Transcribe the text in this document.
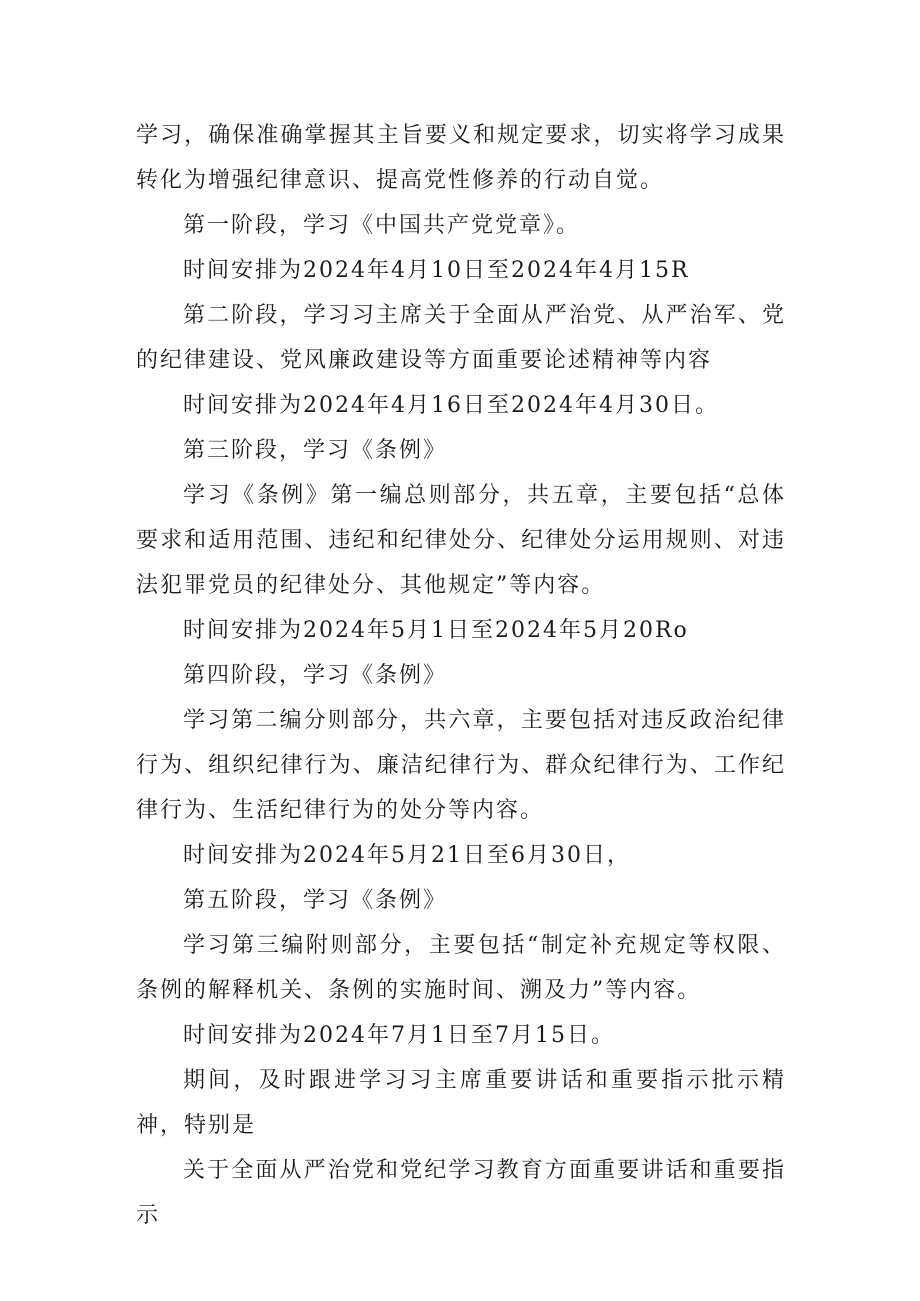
学习，确保准确掌握其主旨要义和规定要求，切实将学习成果转化为增强纪律意识、提高党性修养的行动自觉。

第一阶段，学习《中国共产党党章》。

时间安排为2024年4月10日至2024年4月15R

第二阶段，学习习主席关于全面从严治党、从严治军、党的纪律建设、党风廉政建设等方面重要论述精神等内容

时间安排为2024年4月16日至2024年4月30日。

第三阶段，学习《条例》

学习《条例》第一编总则部分，共五章，主要包括“总体要求和适用范围、违纪和纪律处分、纪律处分运用规则、对违法犯罪党员的纪律处分、其他规定”等内容。

时间安排为2024年5月1日至2024年5月20Ro

第四阶段，学习《条例》

学习第二编分则部分，共六章，主要包括对违反政治纪律行为、组织纪律行为、廉洁纪律行为、群众纪律行为、工作纪律行为、生活纪律行为的处分等内容。

时间安排为2024年5月21日至6月30日，

第五阶段，学习《条例》

学习第三编附则部分，主要包括“制定补充规定等权限、条例的解释机关、条例的实施时间、溯及力”等内容。

时间安排为2024年7月1日至7月15日。

期间，及时跟进学习习主席重要讲话和重要指示批示精神，特别是

关于全面从严治党和党纪学习教育方面重要讲话和重要指示
